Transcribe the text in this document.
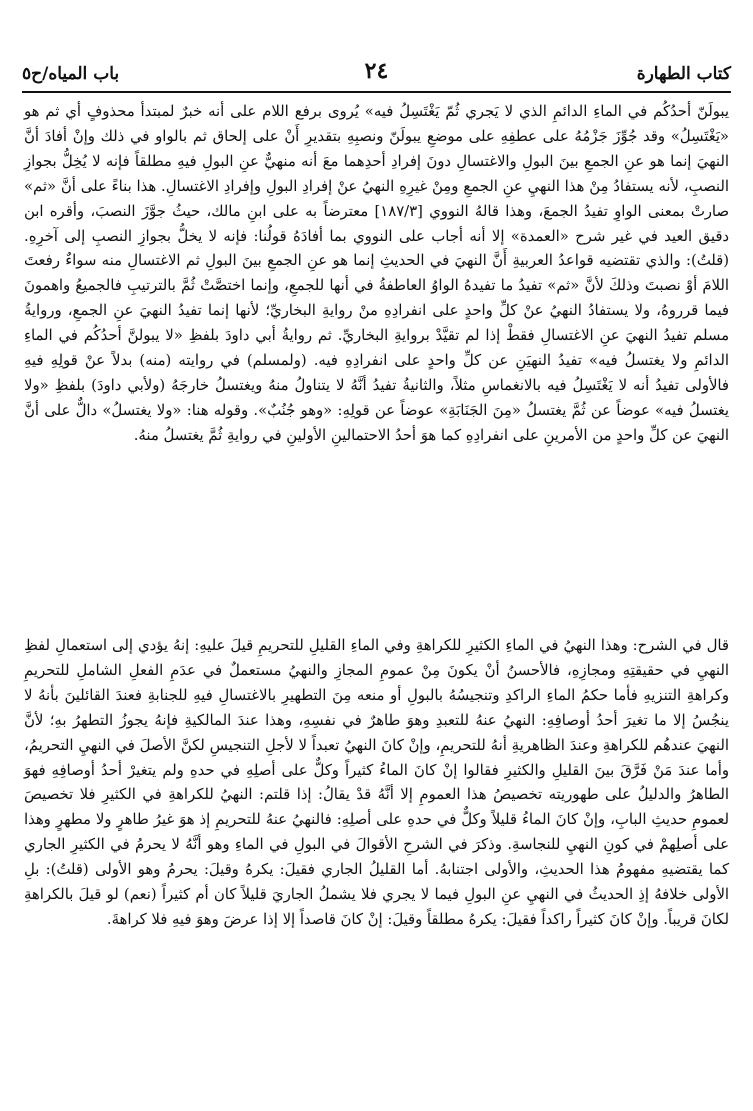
كتاب الطهارة
٢٤
باب المياه/ح٥

يبولَنّ أحدُكُم في الماءِ الدائمِ الذي لا يَجري ثُمّ يَغْتَسِلُ فيه» يُروى برفع اللام على أنه خبرٌ لمبتدأ محذوفٍ أي ثم هو «يَغْتَسِلُ» وقد جُوِّزَ جَزْمُهُ على عطفِهِ على موضعِ يبولَنّ ونصبِهِ بتقديرِ أَنْ على إلحاق ثم بالواو في ذلك وإنْ أفادَ أنَّ النهيَ إنما هو عنِ الجمعِ بينَ البولِ والاغتسالِ دونَ إفرادِ أحدِهما معَ أنه منهيٌّ عنِ البولِ فيهِ مطلقاً فإنه لا يُخِلُّ بجوازِ النصبِ، لأنه يستفادُ مِنْ هذا النهيِ عنِ الجمعِ ومِنْ غيرِهِ النهيُ عنْ إفرادِ البولِ وإفرادِ الاغتسالِ. هذا بناءً على أنَّ «ثم» صارتْ بمعنى الواوِ تفيدُ الجمعَ، وهذا قالهُ النووي [١٨٧/٣] معترضاً به على ابنِ مالك، حيثُ جوَّزَ النصبَ، وأقره ابن دقيق العيد في غير شرح «العمدة» إلا أنه أجاب على النووي بما أفادَهُ قولُنا: فإنه لا يخلُّ بجوازِ النصبِ إلى آخرِهِ. (قلتُ): والذي تقتضيه قواعدُ العربيةِ أَنَّ النهيَ في الحديثِ إنما هو عنِ الجمعِ بينَ البولِ ثم الاغتسالِ منه سواءٌ رفعتَ اللامَ أوْ نصبتَ وذلكَ لأنَّ «ثم» تفيدُ ما تفيدهُ الواوُ العاطفةُ في أنها للجمعِ، وإنما اختصَّتْ ثُمَّ بالترتيبِ فالجميعُ واهمونَ فيما قرروهُ، ولا يستفادُ النهيُ عنْ كلِّ واحدٍ على انفرادِهِ منْ روايةِ البخاريِّ؛ لأنها إنما تفيدُ النهيَ عنِ الجمعِ، وروايةُ مسلم تفيدُ النهيَ عنِ الاغتسالِ فقطْ إذا لم تقيَّدْ بروايةِ البخاريِّ. ثم روايةُ أبي داودَ بلفظِ «لا يبولنَّ أحدُكُم في الماءِ الدائمِ ولا يغتسلُ فيه» تفيدُ النهيَنِ عن كلِّ واحدٍ على انفرادِهِ فيه. (ولمسلم) في روايته (منه) بدلاً عنْ قولِهِ فيهِ فالأولى تفيدُ أنه لا يَغْتَسِلُ فيه بالانغماسِ مثلاً، والثانيةُ تفيدُ أنَّهُ لا يتناولُ منهُ ويغتسلُ خارجَهُ (ولأبي داودَ) بلفظِ «ولا يغتسلُ فيه» عوضاً عن ثُمَّ يغتسلُ «مِنَ الجَنَابَةِ» عوضاً عن قولِهِ: «وهو جُنُبٌ». وقوله هنا: «ولا يغتسلُ» دالٌّ على أنَّ النهيَ عن كلِّ واحدٍ من الأمرينِ على انفرادِهِ كما هوَ أحدُ الاحتمالينِ الأولينِ في روايةِ ثُمَّ يغتسلُ منهُ.

قال في الشرح: وهذا النهيُ في الماءِ الكثيرِ للكراهةِ وفي الماءِ القليلِ للتحريمِ قيلَ عليهِ: إنهُ يؤدي إلى استعمالِ لفظِ النهيِ في حقيقتِهِ ومجازِهِ، فالأحسنُ أنْ يكونَ مِنْ عمومِ المجازِ والنهيُ مستعملٌ في عدَمِ الفعلِ الشاملِ للتحريمِ وكراهةِ التنزيهِ فأما حكمُ الماءِ الراكدِ وتنجيسُهُ بالبولِ أو منعه مِنَ التطهيرِ بالاغتسالِ فيهِ للجنابةِ فعندَ القائلينَ بأنهُ لا ينجُسُ إلا ما تغيرَ أحدُ أوصافِهِ: النهيُ عنهُ للتعبدِ وهوَ طاهرٌ في نفسِهِ، وهذا عندَ المالكيةِ فإنهُ يجوزُ التطهرُ بهِ؛ لأنَّ النهيَ عندهُم للكراهةِ وعندَ الظاهريةِ أنهُ للتحريمِ، وإنْ كانَ النهيُ تعبداً لا لأجلِ التنجيسِ لكنَّ الأصلَ في النهيِ التحريمُ، وأما عندَ مَنْ فَرَّقَ بينَ القليلِ والكثيرِ فقالوا إنْ كانَ الماءُ كثيراً وكلٌّ على أصلِهِ في حدهِ ولم يتغيرْ أحدُ أوصافِهِ فهوَ الطاهرُ والدليلُ على طهوريته تخصيصُ هذا العمومِ إلا أنَّهُ قدْ يقالُ: إذا قلتم: النهيُ للكراهةِ في الكثيرِ فلا تخصيصَ لعمومِ حديثِ البابِ، وإنْ كانَ الماءُ قليلاً وكلٌّ في حدهِ على أصلِهِ: فالنهيُ عنهُ للتحريمِ إذ هوَ غيرُ طاهرٍ ولا مطهرٍ وهذا على أصلِهمْ في كونِ النهيِ للنجاسةِ. وذكرَ في الشرحِ الأقوالَ في البولِ في الماءِ وهو أنَّهُ لا يحرمُ في الكثيرِ الجاري كما يقتضيهِ مفهومُ هذا الحديثِ، والأولى اجتنابهُ. أما القليلُ الجاري فقيلَ: يكرهُ وقيلَ: يحرمُ وهو الأولى (قلتُ): بلِ الأولى خلافهُ إذِ الحديثُ في النهيِ عنِ البولِ فيما لا يجري فلا يشملُ الجاريَ قليلاً كان أم كثيراً (نعم) لو قيلَ بالكراهةِ لكانَ قريباً. وإنْ كانَ كثيراً راكداً فقيلَ: يكرهُ مطلقاً وقيلَ: إنْ كانَ قاصداً إلا إذا عرضَ وهوَ فيهِ فلا كراهةَ.
